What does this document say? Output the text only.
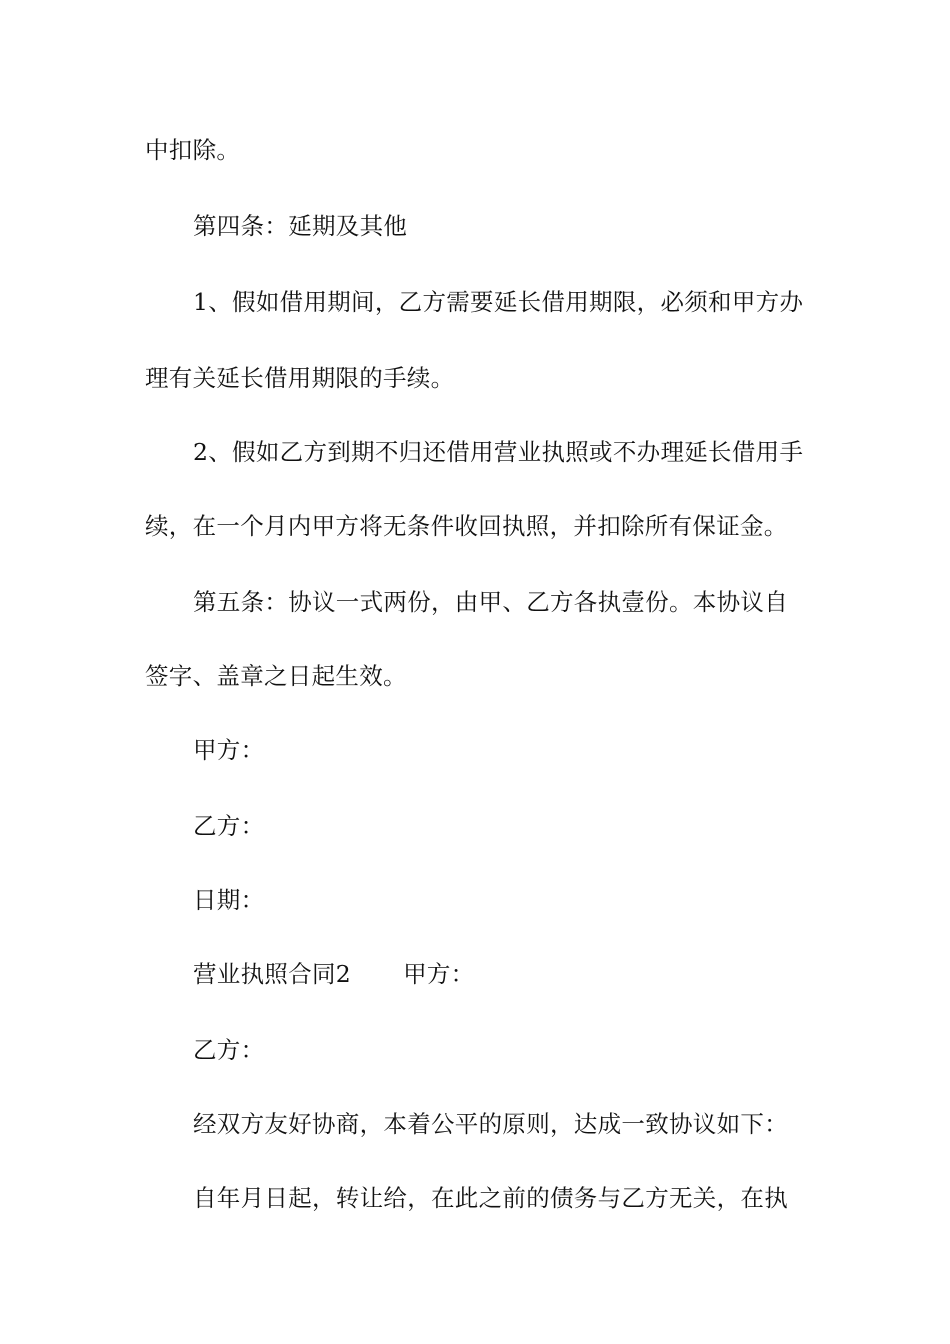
中扣除。
第四条：延期及其他
1、假如借用期间，乙方需要延长借用期限，必须和甲方办
理有关延长借用期限的手续。
2、假如乙方到期不归还借用营业执照或不办理延长借用手
续，在一个月内甲方将无条件收回执照，并扣除所有保证金。
第五条：协议一式两份，由甲、乙方各执壹份。本协议自
签字、盖章之日起生效。
甲方：
乙方：
日期：
营业执照合同2 甲方：
乙方：
经双方友好协商，本着公平的原则，达成一致协议如下：
自年月日起，转让给，在此之前的债务与乙方无关，在执
